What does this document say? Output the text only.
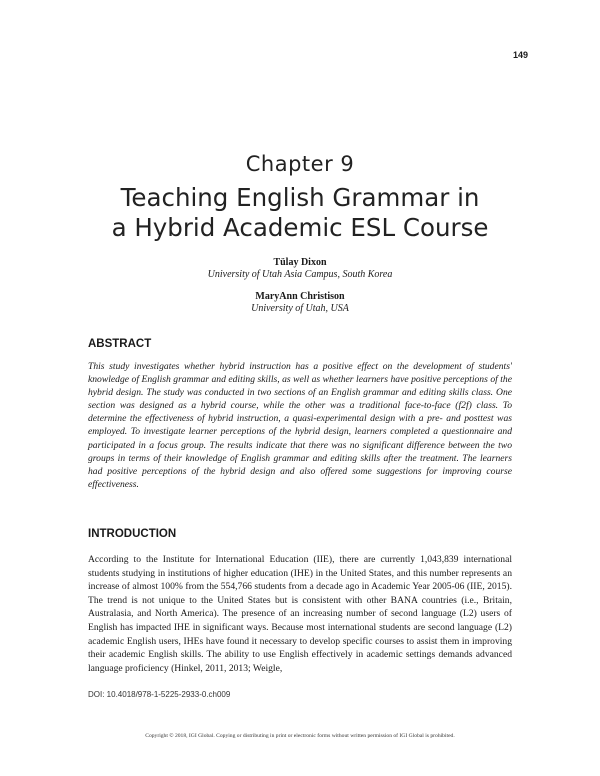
149
Chapter 9
Teaching English Grammar in
a Hybrid Academic ESL Course
Tülay Dixon
University of Utah Asia Campus, South Korea
MaryAnn Christison
University of Utah, USA
ABSTRACT
This study investigates whether hybrid instruction has a positive effect on the development of students' knowledge of English grammar and editing skills, as well as whether learners have positive perceptions of the hybrid design. The study was conducted in two sections of an English grammar and editing skills class. One section was designed as a hybrid course, while the other was a traditional face-to-face (f2f) class. To determine the effectiveness of hybrid instruction, a quasi-experimental design with a pre- and posttest was employed. To investigate learner perceptions of the hybrid design, learners completed a questionnaire and participated in a focus group. The results indicate that there was no significant difference between the two groups in terms of their knowledge of English grammar and editing skills after the treatment. The learners had positive perceptions of the hybrid design and also offered some suggestions for improving course effectiveness.
INTRODUCTION
According to the Institute for International Education (IIE), there are currently 1,043,839 international students studying in institutions of higher education (IHE) in the United States, and this number represents an increase of almost 100% from the 554,766 students from a decade ago in Academic Year 2005-06 (IIE, 2015). The trend is not unique to the United States but is consistent with other BANA countries (i.e., Britain, Australasia, and North America). The presence of an increasing number of second language (L2) users of English has impacted IHE in significant ways. Because most international students are second language (L2) academic English users, IHEs have found it necessary to develop specific courses to assist them in improving their academic English skills. The ability to use English effectively in academic settings demands advanced language proficiency (Hinkel, 2011, 2013; Weigle,
DOI: 10.4018/978-1-5225-2933-0.ch009
Copyright © 2018, IGI Global. Copying or distributing in print or electronic forms without written permission of IGI Global is prohibited.
